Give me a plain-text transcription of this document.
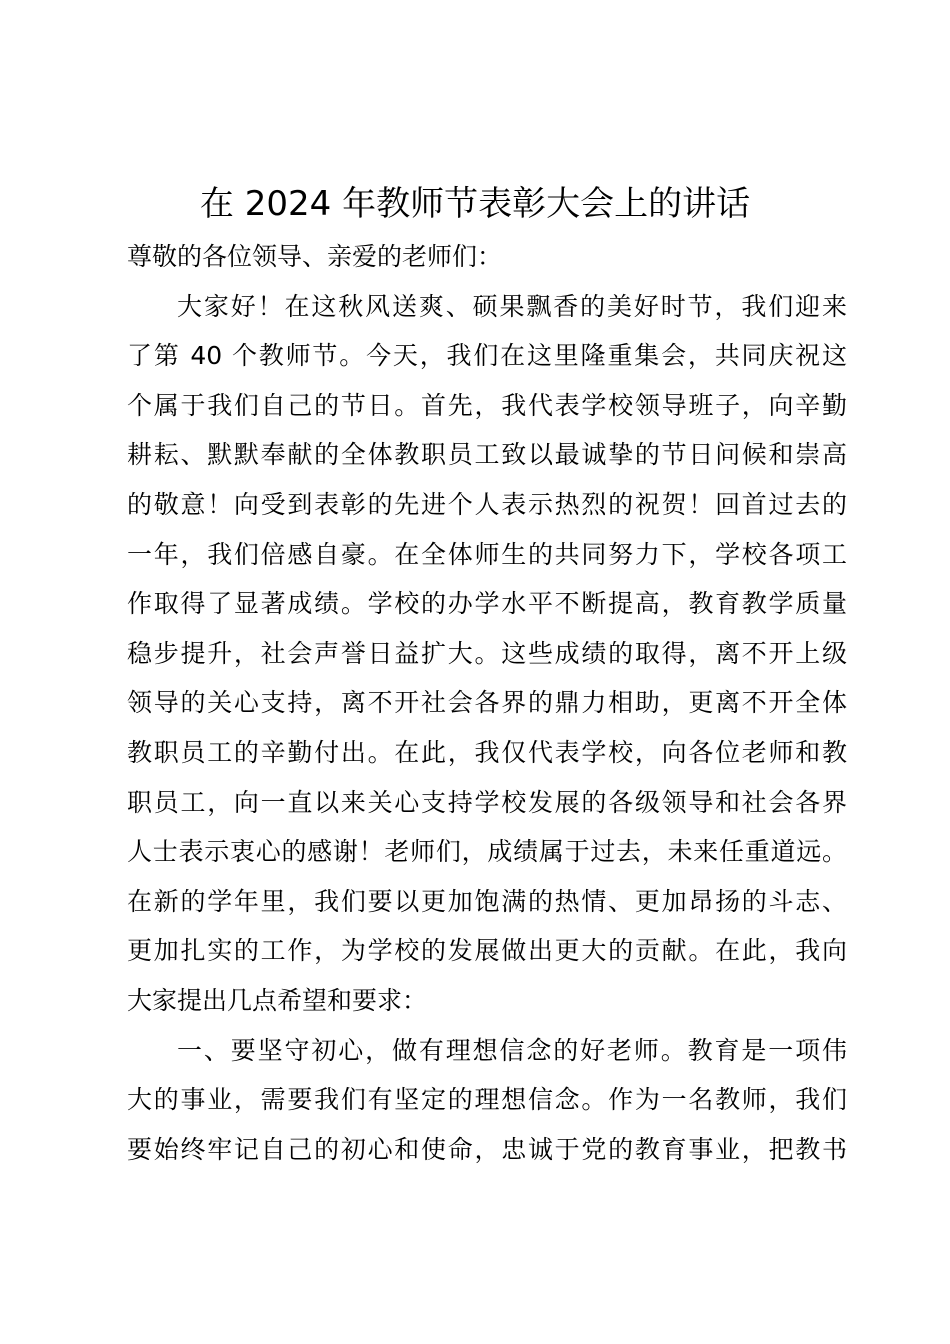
在 2024 年教师节表彰大会上的讲话
尊敬的各位领导、亲爱的老师们：
大家好！在这秋风送爽、硕果飘香的美好时节，我们迎来
了第 40 个教师节。今天，我们在这里隆重集会，共同庆祝这
个属于我们自己的节日。首先，我代表学校领导班子，向辛勤
耕耘、默默奉献的全体教职员工致以最诚挚的节日问候和崇高
的敬意！向受到表彰的先进个人表示热烈的祝贺！回首过去的
一年，我们倍感自豪。在全体师生的共同努力下，学校各项工
作取得了显著成绩。学校的办学水平不断提高，教育教学质量
稳步提升，社会声誉日益扩大。这些成绩的取得，离不开上级
领导的关心支持，离不开社会各界的鼎力相助，更离不开全体
教职员工的辛勤付出。在此，我仅代表学校，向各位老师和教
职员工，向一直以来关心支持学校发展的各级领导和社会各界
人士表示衷心的感谢！老师们，成绩属于过去，未来任重道远。
在新的学年里，我们要以更加饱满的热情、更加昂扬的斗志、
更加扎实的工作，为学校的发展做出更大的贡献。在此，我向
大家提出几点希望和要求：
一、要坚守初心，做有理想信念的好老师。教育是一项伟
大的事业，需要我们有坚定的理想信念。作为一名教师，我们
要始终牢记自己的初心和使命，忠诚于党的教育事业，把教书
